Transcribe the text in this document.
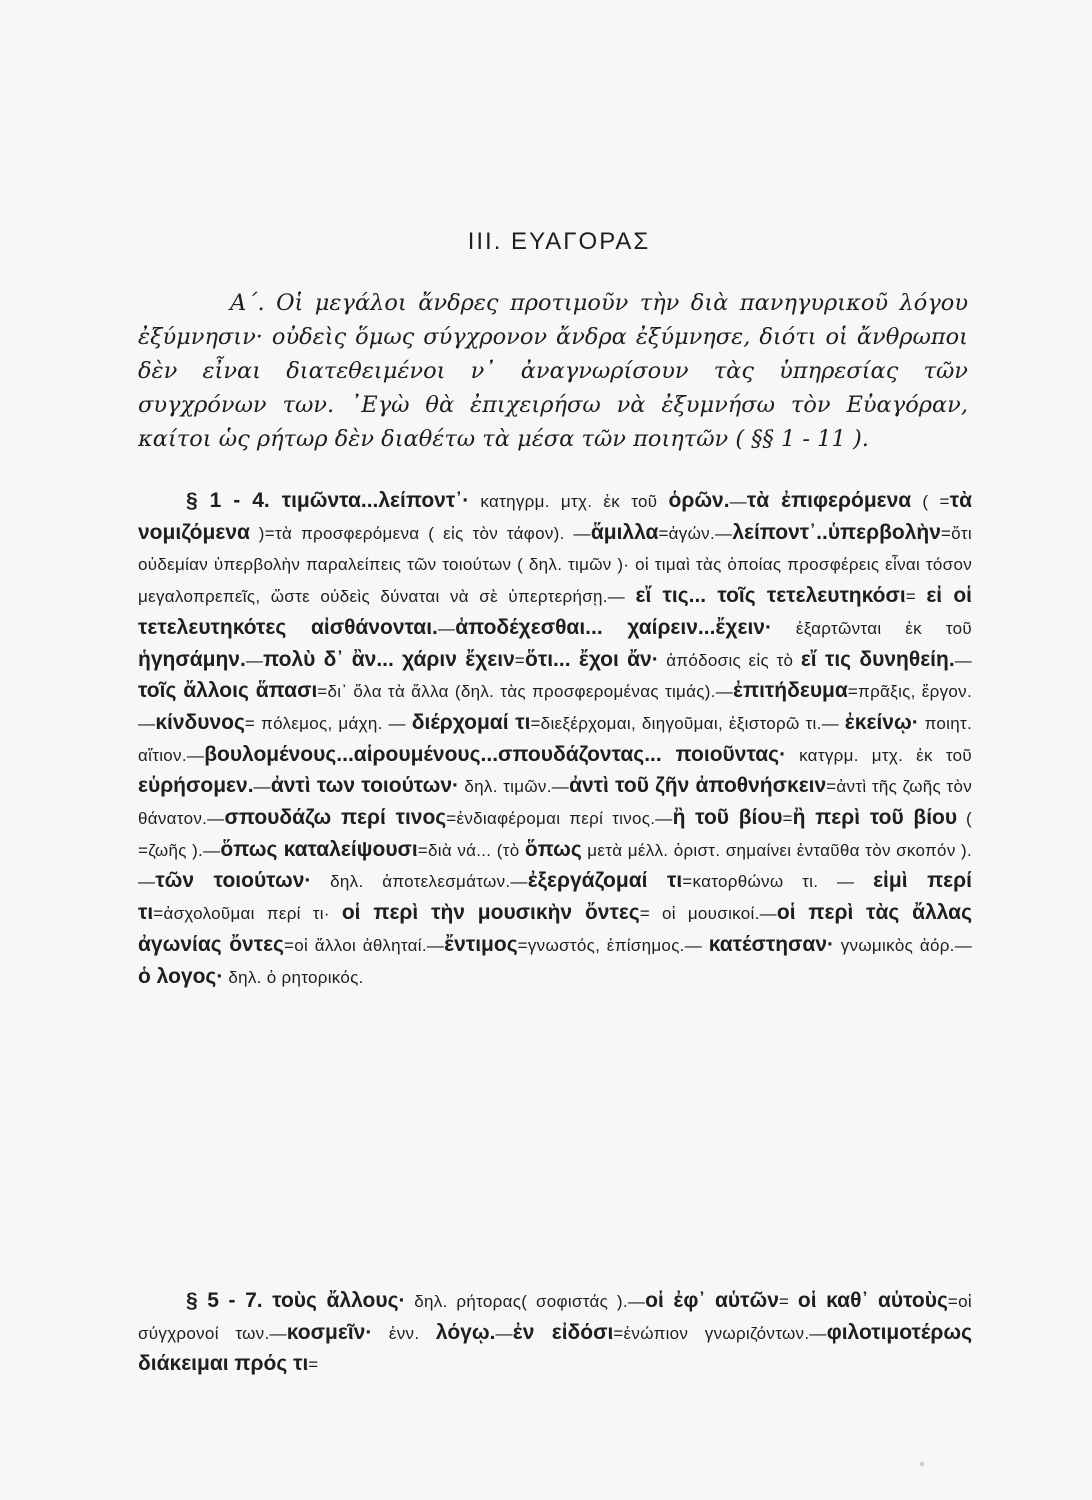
ΙΙΙ. ΕΥΑΓΟΡΑΣ

Α΄. Οἱ μεγάλοι ἄνδρες προτιμοῦν τὴν διὰ πανηγυρικοῦ λόγου ἐξύμνησιν· οὐδεὶς ὅμως σύγχρονον ἄνδρα ἐξύμνησε, διότι οἱ ἄνθρωποι δὲν εἶναι διατεθειμένοι ν᾿ ἀναγνωρίσουν τὰς ὑπηρεσίας τῶν συγχρόνων των. ᾿Εγὼ θὰ ἐπιχειρήσω νὰ ἐξυμνήσω τὸν Εὐαγόραν, καίτοι ὡς ρήτωρ δὲν διαθέτω τὰ μέσα τῶν ποιητῶν ( §§ 1 - 11 ).

§ 1 - 4. τιμῶντα...λείποντ᾿· κατηγρμ. μτχ. ἐκ τοῦ ὁρῶν.—τὰ ἐπιφερόμενα ( =τὰ νομιζόμενα )=τὰ προσφερόμενα ( εἰς τὸν τάφον). —ἅμιλλα=ἀγών.—λείποντ᾿..ὑπερβολὴν=ὅτι οὐδεμίαν ὑπερβολὴν παραλείπεις τῶν τοιούτων ( δηλ. τιμῶν )· οἱ τιμαὶ τὰς ὁποίας προσφέρεις εἶναι τόσον μεγαλοπρεπεῖς, ὥστε οὐδεὶς δύναται νὰ σὲ ὑπερτερήσῃ.— εἴ τις... τοῖς τετελευτηκόσι= εἰ οἱ τετελευτηκότες αἰσθάνονται.—ἀποδέχεσθαι... χαίρειν...ἔχειν· ἐξαρτῶνται ἐκ τοῦ ἡγησάμην.—πολὺ δ᾿ ἂν... χάριν ἔχειν=ὅτι... ἔχοι ἄν· ἀπόδοσις εἰς τὸ εἴ τις δυνηθείη.—τοῖς ἄλλοις ἅπασι=δι᾿ ὅλα τὰ ἄλλα (δηλ. τὰς προσφερομένας τιμάς).—ἐπιτήδευμα=πρᾶξις, ἔργον.—κίνδυνος= πόλεμος, μάχη. — διέρχομαί τι=διεξέρχομαι, διηγοῦμαι, ἐξιστορῶ τι.— ἐκείνῳ· ποιητ. αἴτιον.—βουλομένους...αἱρουμένους...σπουδάζοντας... ποιοῦντας· κατγρμ. μτχ. ἐκ τοῦ εὑρήσομεν.—ἀντὶ των τοιούτων· δηλ. τιμῶν.—ἀντὶ τοῦ ζῆν ἀποθνήσκειν=ἀντὶ τῆς ζωῆς τὸν θάνατον.—σπουδάζω περί τινος=ἐνδιαφέρομαι περί τινος.—ἢ τοῦ βίου=ἢ περὶ τοῦ βίου ( =ζωῆς ).—ὅπως καταλείψουσι=διὰ νά... (τὸ ὅπως μετὰ μέλλ. ὁριστ. σημαίνει ἐνταῦθα τὸν σκοπόν ).—τῶν τοιούτων· δηλ. ἀποτελεσμάτων.—ἐξεργάζομαί τι=κατορθώνω τι. — εἰμὶ περί τι=ἀσχολοῦμαι περί τι· οἱ περὶ τὴν μουσικὴν ὄντες= οἱ μουσικοί.—οἱ περὶ τὰς ἄλλας ἀγωνίας ὄντες=οἱ ἄλλοι ἀθληταί.—ἔντιμος=γνωστός, ἐπίσημος.— κατέστησαν· γνωμικὸς ἀόρ.— ὁ λογος· δηλ. ὁ ρητορικός.

§ 5 - 7. τοὺς ἄλλους· δηλ. ρήτορας( σοφιστάς ).—οἱ ἐφ᾿ αὑτῶν= οἱ καθ᾿ αὑτοὺς=οἱ σύγχρονοί των.—κοσμεῖν· ἐνν. λόγῳ.—ἐν εἰδόσι=ἐνώπιον γνωριζόντων.—φιλοτιμοτέρως διάκειμαι πρός τι=
